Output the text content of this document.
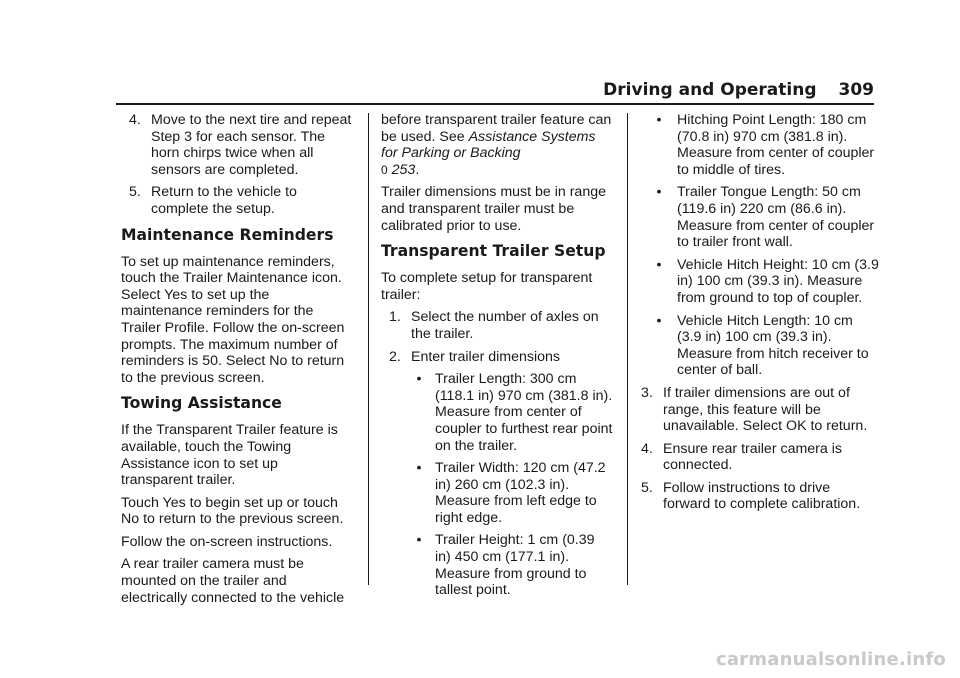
Driving and Operating 309
4. Move to the next tire and repeat Step 3 for each sensor. The horn chirps twice when all sensors are completed.
5. Return to the vehicle to complete the setup.
Maintenance Reminders

To set up maintenance reminders, touch the Trailer Maintenance icon. Select Yes to set up the maintenance reminders for the Trailer Profile. Follow the on-screen prompts. The maximum number of reminders is 50. Select No to return to the previous screen.

Towing Assistance

If the Transparent Trailer feature is available, touch the Towing Assistance icon to set up transparent trailer.

Touch Yes to begin set up or touch No to return to the previous screen.

Follow the on-screen instructions.

A rear trailer camera must be mounted on the trailer and electrically connected to the vehicle

before transparent trailer feature can be used. See Assistance Systems for Parking or Backing
0 253.

Trailer dimensions must be in range and transparent trailer must be calibrated prior to use.

Transparent Trailer Setup

To complete setup for transparent trailer:

1. Select the number of axles on the trailer.
2. Enter trailer dimensions
• Trailer Length: 300 cm (118.1 in) 970 cm (381.8 in). Measure from center of coupler to furthest rear point on the trailer.
• Trailer Width: 120 cm (47.2 in) 260 cm (102.3 in). Measure from left edge to right edge.
• Trailer Height: 1 cm (0.39 in) 450 cm (177.1 in). Measure from ground to tallest point.
•	Hitching Point Length: 180 cm (70.8 in) 970 cm (381.8 in). Measure from center of coupler to middle of tires.
•	Trailer Tongue Length: 50 cm (119.6 in) 220 cm (86.6 in). Measure from center of coupler to trailer front wall.
•	Vehicle Hitch Height: 10 cm (3.9 in) 100 cm (39.3 in). Measure from ground to top of coupler.
•	Vehicle Hitch Length: 10 cm (3.9 in) 100 cm (39.3 in). Measure from hitch receiver to center of ball.
3. If trailer dimensions are out of range, this feature will be unavailable. Select OK to return.
4. Ensure rear trailer camera is connected.
5. Follow instructions to drive forward to complete calibration.
carmanualsonline.info
